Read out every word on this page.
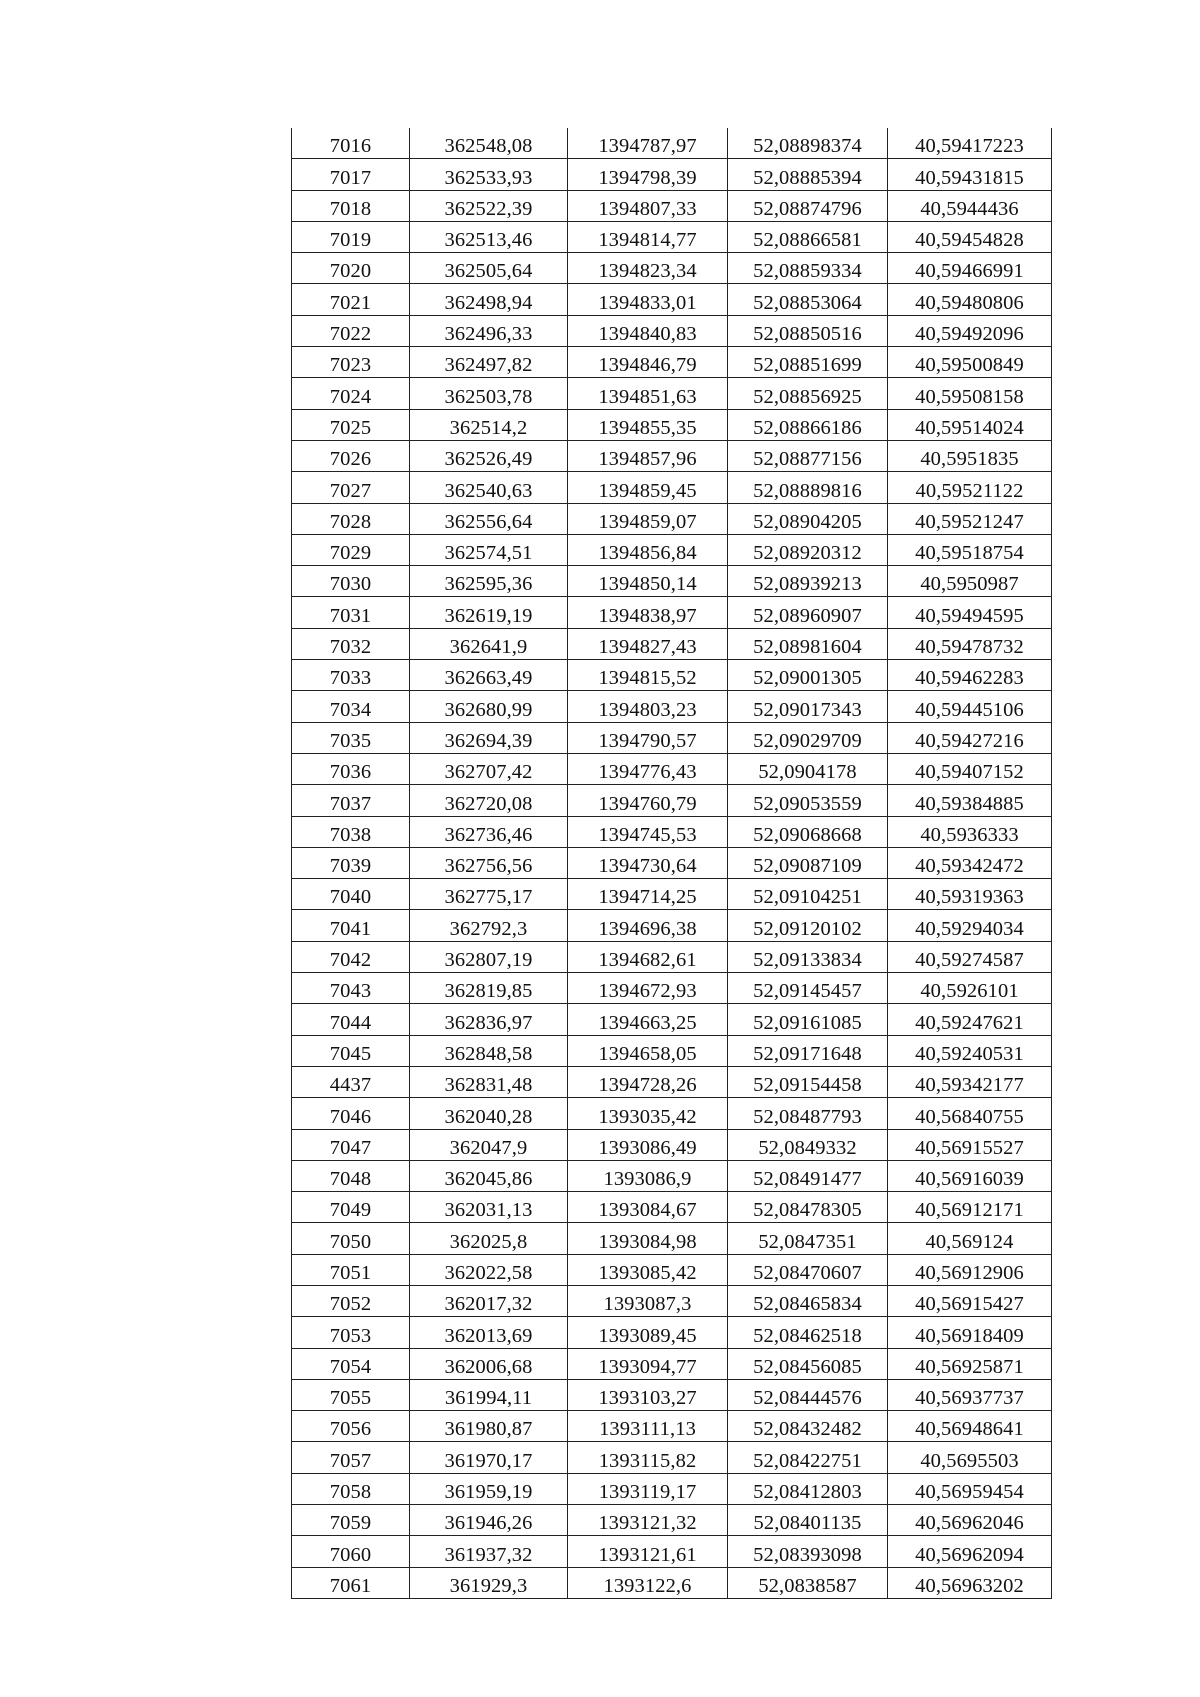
7016	362548,08	1394787,97	52,08898374	40,59417223
7017	362533,93	1394798,39	52,08885394	40,59431815
7018	362522,39	1394807,33	52,08874796	40,5944436
7019	362513,46	1394814,77	52,08866581	40,59454828
7020	362505,64	1394823,34	52,08859334	40,59466991
7021	362498,94	1394833,01	52,08853064	40,59480806
7022	362496,33	1394840,83	52,08850516	40,59492096
7023	362497,82	1394846,79	52,08851699	40,59500849
7024	362503,78	1394851,63	52,08856925	40,59508158
7025	362514,2	1394855,35	52,08866186	40,59514024
7026	362526,49	1394857,96	52,08877156	40,5951835
7027	362540,63	1394859,45	52,08889816	40,59521122
7028	362556,64	1394859,07	52,08904205	40,59521247
7029	362574,51	1394856,84	52,08920312	40,59518754
7030	362595,36	1394850,14	52,08939213	40,5950987
7031	362619,19	1394838,97	52,08960907	40,59494595
7032	362641,9	1394827,43	52,08981604	40,59478732
7033	362663,49	1394815,52	52,09001305	40,59462283
7034	362680,99	1394803,23	52,09017343	40,59445106
7035	362694,39	1394790,57	52,09029709	40,59427216
7036	362707,42	1394776,43	52,0904178	40,59407152
7037	362720,08	1394760,79	52,09053559	40,59384885
7038	362736,46	1394745,53	52,09068668	40,5936333
7039	362756,56	1394730,64	52,09087109	40,59342472
7040	362775,17	1394714,25	52,09104251	40,59319363
7041	362792,3	1394696,38	52,09120102	40,59294034
7042	362807,19	1394682,61	52,09133834	40,59274587
7043	362819,85	1394672,93	52,09145457	40,5926101
7044	362836,97	1394663,25	52,09161085	40,59247621
7045	362848,58	1394658,05	52,09171648	40,59240531
4437	362831,48	1394728,26	52,09154458	40,59342177
7046	362040,28	1393035,42	52,08487793	40,56840755
7047	362047,9	1393086,49	52,0849332	40,56915527
7048	362045,86	1393086,9	52,08491477	40,56916039
7049	362031,13	1393084,67	52,08478305	40,56912171
7050	362025,8	1393084,98	52,0847351	40,569124
7051	362022,58	1393085,42	52,08470607	40,56912906
7052	362017,32	1393087,3	52,08465834	40,56915427
7053	362013,69	1393089,45	52,08462518	40,56918409
7054	362006,68	1393094,77	52,08456085	40,56925871
7055	361994,11	1393103,27	52,08444576	40,56937737
7056	361980,87	1393111,13	52,08432482	40,56948641
7057	361970,17	1393115,82	52,08422751	40,5695503
7058	361959,19	1393119,17	52,08412803	40,56959454
7059	361946,26	1393121,32	52,08401135	40,56962046
7060	361937,32	1393121,61	52,08393098	40,56962094
7061	361929,3	1393122,6	52,0838587	40,56963202
